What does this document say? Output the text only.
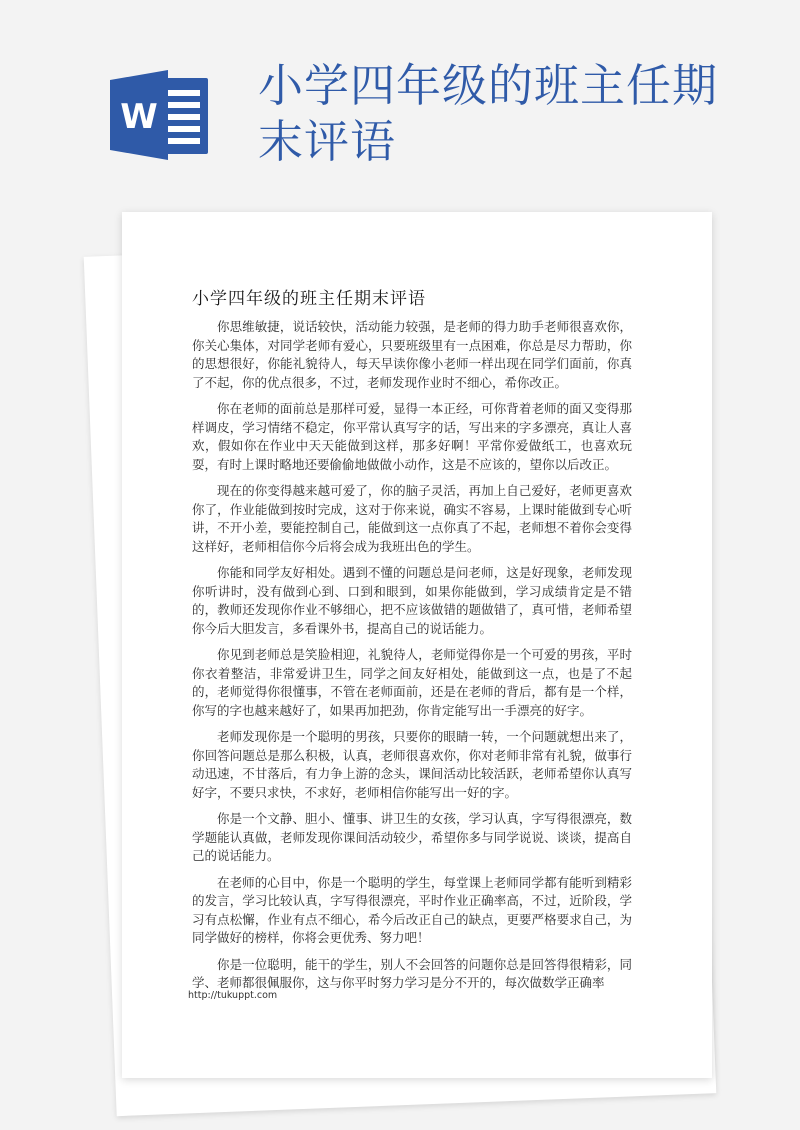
W
小学四年级的班主任期末评语
小学四年级的班主任期末评语

你思维敏捷，说话较快，活动能力较强，是老师的得力助手老师很喜欢你，你关心集体，对同学老师有爱心，只要班级里有一点困难，你总是尽力帮助，你的思想很好，你能礼貌待人，每天早读你像小老师一样出现在同学们面前，你真了不起，你的优点很多，不过，老师发现作业时不细心，希你改正。

你在老师的面前总是那样可爱，显得一本正经，可你背着老师的面又变得那样调皮，学习情绪不稳定，你平常认真写字的话，写出来的字多漂亮，真让人喜欢，假如你在作业中天天能做到这样，那多好啊！平常你爱做纸工，也喜欢玩耍，有时上课时略地还要偷偷地做做小动作，这是不应该的，望你以后改正。

现在的你变得越来越可爱了，你的脑子灵活，再加上自己爱好，老师更喜欢你了，作业能做到按时完成，这对于你来说，确实不容易，上课时能做到专心听讲，不开小差，要能控制自己，能做到这一点你真了不起，老师想不着你会变得这样好，老师相信你今后将会成为我班出色的学生。

你能和同学友好相处。遇到不懂的问题总是问老师，这是好现象，老师发现你听讲时，没有做到心到、口到和眼到，如果你能做到，学习成绩肯定是不错的，教师还发现你作业不够细心，把不应该做错的题做错了，真可惜，老师希望你今后大胆发言，多看课外书，提高自己的说话能力。

你见到老师总是笑脸相迎，礼貌待人，老师觉得你是一个可爱的男孩，平时你衣着整洁，非常爱讲卫生，同学之间友好相处，能做到这一点，也是了不起的，老师觉得你很懂事，不管在老师面前，还是在老师的背后，都有是一个样，你写的字也越来越好了，如果再加把劲，你肯定能写出一手漂亮的好字。

老师发现你是一个聪明的男孩，只要你的眼睛一转，一个问题就想出来了，你回答问题总是那么积极，认真，老师很喜欢你，你对老师非常有礼貌，做事行动迅速，不甘落后，有力争上游的念头，课间活动比较活跃，老师希望你认真写好字，不要只求快，不求好，老师相信你能写出一好的字。

你是一个文静、胆小、懂事、讲卫生的女孩，学习认真，字写得很漂亮，数学题能认真做，老师发现你课间活动较少，希望你多与同学说说、谈谈，提高自己的说话能力。

在老师的心目中，你是一个聪明的学生，每堂课上老师同学都有能听到精彩的发言，学习比较认真，字写得很漂亮，平时作业正确率高，不过，近阶段，学习有点松懈，作业有点不细心，希今后改正自己的缺点，更要严格要求自己，为同学做好的榜样，你将会更优秀、努力吧！

你是一位聪明，能干的学生，别人不会回答的问题你总是回答得很精彩，同学、老师都很佩服你，这与你平时努力学习是分不开的，每次做数学正确率

http://tukuppt.com
